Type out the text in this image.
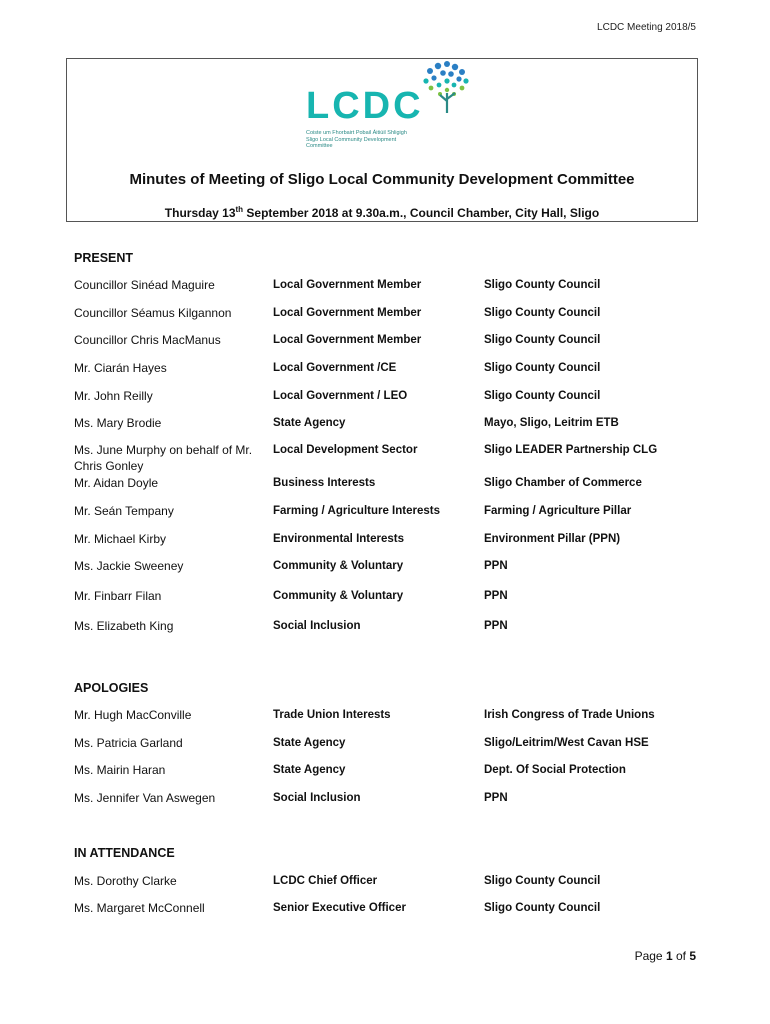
LCDC Meeting 2018/5
LCDC
Coiste um Fhorbairt Pobail Áitiúil Shligigh
Sligo Local Community Development
Committee
Minutes of Meeting of Sligo Local Community Development Committee
Thursday 13th September 2018 at 9.30a.m., Council Chamber, City Hall, Sligo
PRESENT
Councillor Sinéad Maguire	Local Government Member	Sligo County Council
Councillor Séamus Kilgannon	Local Government Member	Sligo County Council
Councillor Chris MacManus	Local Government Member	Sligo County Council
Mr. Ciarán Hayes	Local Government /CE	Sligo County Council
Mr. John Reilly	Local Government / LEO	Sligo County Council
Ms. Mary Brodie	State Agency	Mayo, Sligo, Leitrim ETB
Ms. June Murphy on behalf of Mr. Chris Gonley
Local Development Sector	Sligo LEADER Partnership CLG
Mr. Aidan Doyle	Business Interests	Sligo Chamber of Commerce
Mr. Seán Tempany	Farming / Agriculture Interests	Farming / Agriculture Pillar
Mr. Michael Kirby	Environmental Interests	Environment Pillar (PPN)
Ms. Jackie Sweeney	Community & Voluntary	PPN
Mr. Finbarr Filan	Community & Voluntary	PPN
Ms. Elizabeth King	Social Inclusion	PPN
APOLOGIES
Mr. Hugh MacConville	Trade Union Interests	Irish Congress of Trade Unions
Ms. Patricia Garland	State Agency	Sligo/Leitrim/West Cavan HSE
Ms. Mairin Haran	State Agency	Dept. Of Social Protection
Ms. Jennifer Van Aswegen	Social Inclusion	PPN
IN ATTENDANCE
Ms. Dorothy Clarke	LCDC Chief Officer	Sligo County Council
Ms. Margaret McConnell	Senior Executive Officer	Sligo County Council
Page 1 of 5
